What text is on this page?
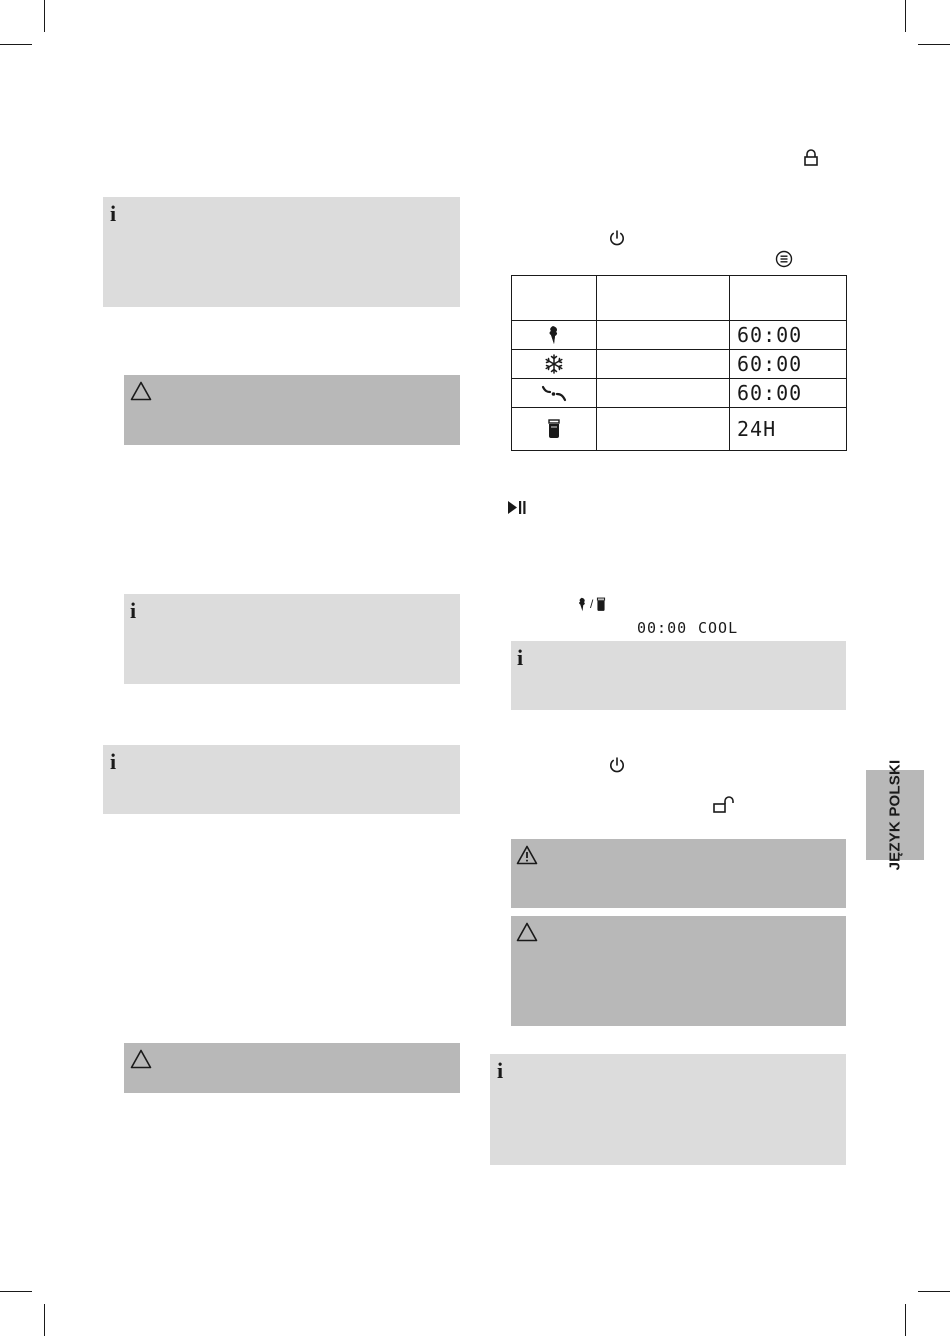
i
i
i

		60:00

		60:00

		60:00

		24H
/
00:00 COOL
i
i
JĘZYK POLSKI
